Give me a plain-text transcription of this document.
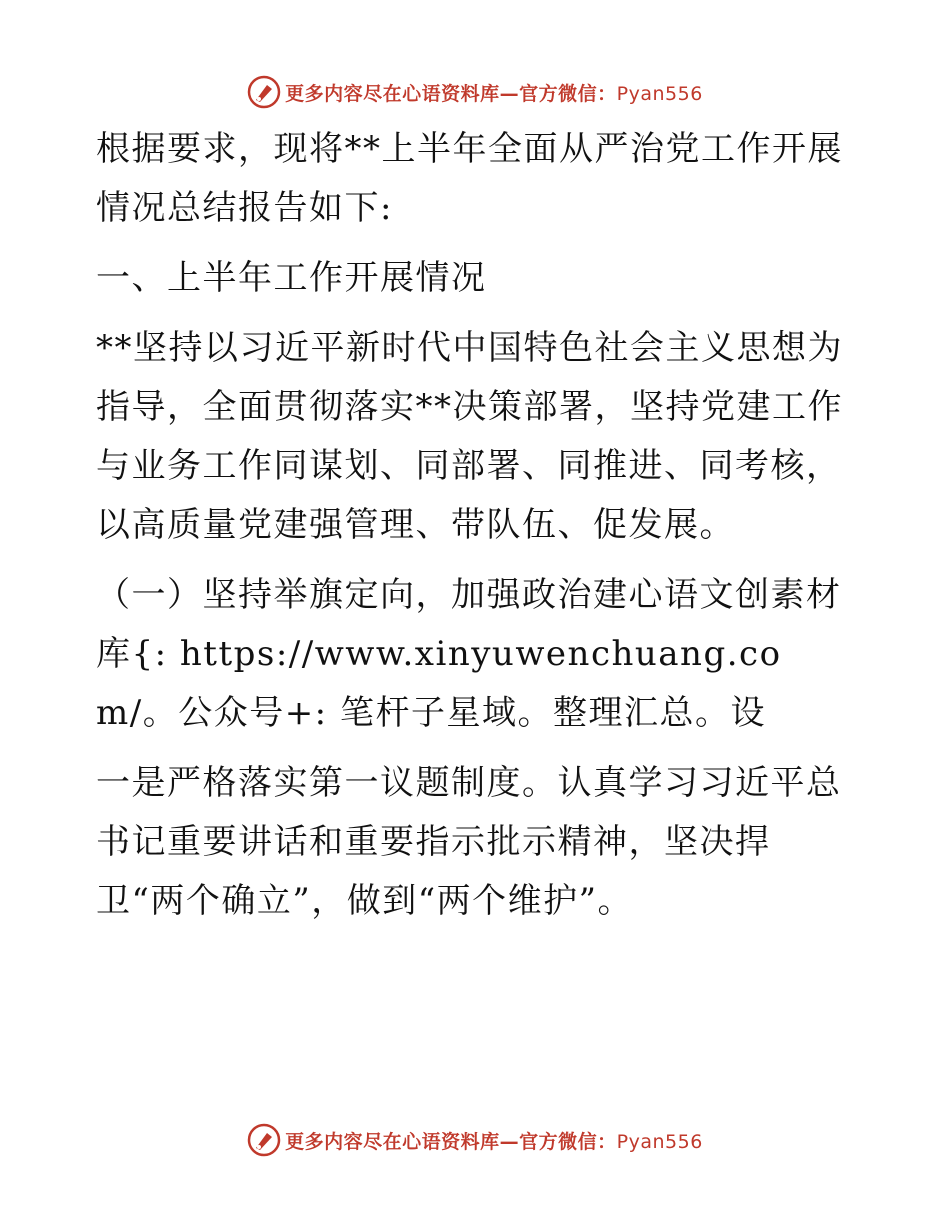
更多内容尽在心语资料库—官方微信：Pyan556

根据要求，现将**上半年全面从严治党工作开展情况总结报告如下:

一、上半年工作开展情况

**坚持以习近平新时代中国特色社会主义思想为指导，全面贯彻落实**决策部署，坚持党建工作与业务工作同谋划、同部署、同推进、同考核，以高质量党建强管理、带队伍、促发展。

（一）坚持举旗定向，加强政治建心语文创素材库{: https://www.xinyuwenchuang.com/。公众号+: 笔杆子星域。整理汇总。设

一是严格落实第一议题制度。认真学习习近平总书记重要讲话和重要指示批示精神，坚决捍卫“两个确立”，做到“两个维护”。

更多内容尽在心语资料库—官方微信：Pyan556
